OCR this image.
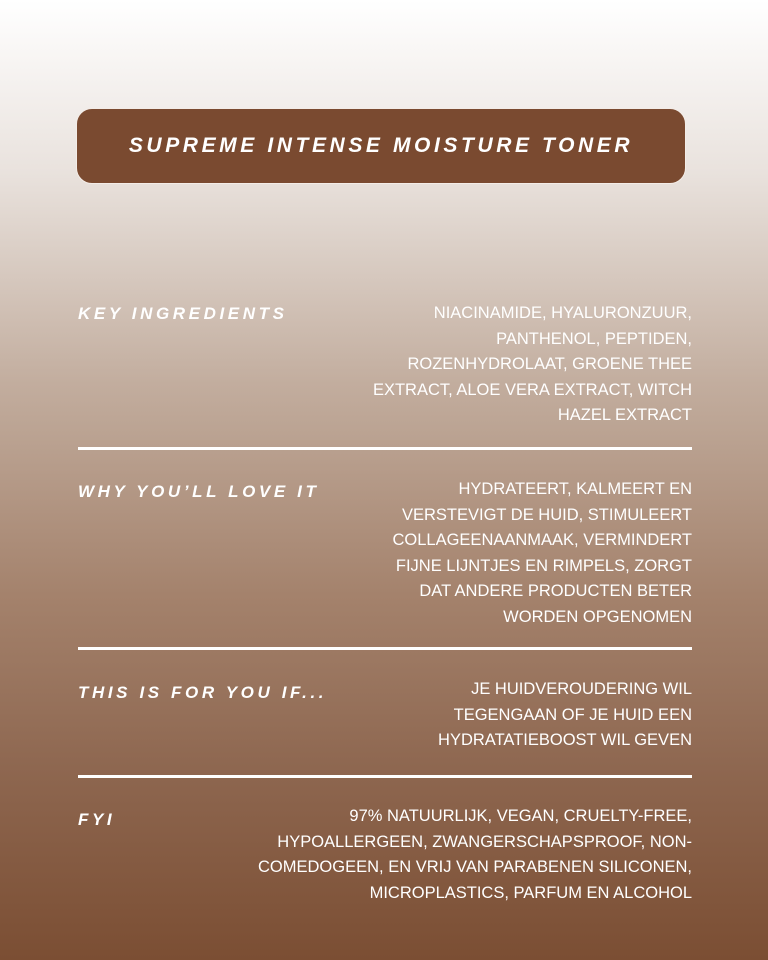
SUPREME INTENSE MOISTURE TONER
KEY INGREDIENTS	NIACINAMIDE, HYALURONZUUR,
PANTHENOL, PEPTIDEN,
ROZENHYDROLAAT, GROENE THEE
EXTRACT, ALOE VERA EXTRACT, WITCH
HAZEL EXTRACT
WHY YOU’LL LOVE IT	HYDRATEERT, KALMEERT EN
VERSTEVIGT DE HUID, STIMULEERT
COLLAGEENAANMAAK, VERMINDERT
FIJNE LIJNTJES EN RIMPELS, ZORGT
DAT ANDERE PRODUCTEN BETER
WORDEN OPGENOMEN
THIS IS FOR YOU IF...	JE HUIDVEROUDERING WIL
TEGENGAAN OF JE HUID EEN
HYDRATATIEBOOST WIL GEVEN
FYI	97% NATUURLIJK, VEGAN, CRUELTY-FREE,
HYPOALLERGEEN, ZWANGERSCHAPSPROOF, NON-
COMEDOGEEN, EN VRIJ VAN PARABENEN SILICONEN,
MICROPLASTICS, PARFUM EN ALCOHOL
